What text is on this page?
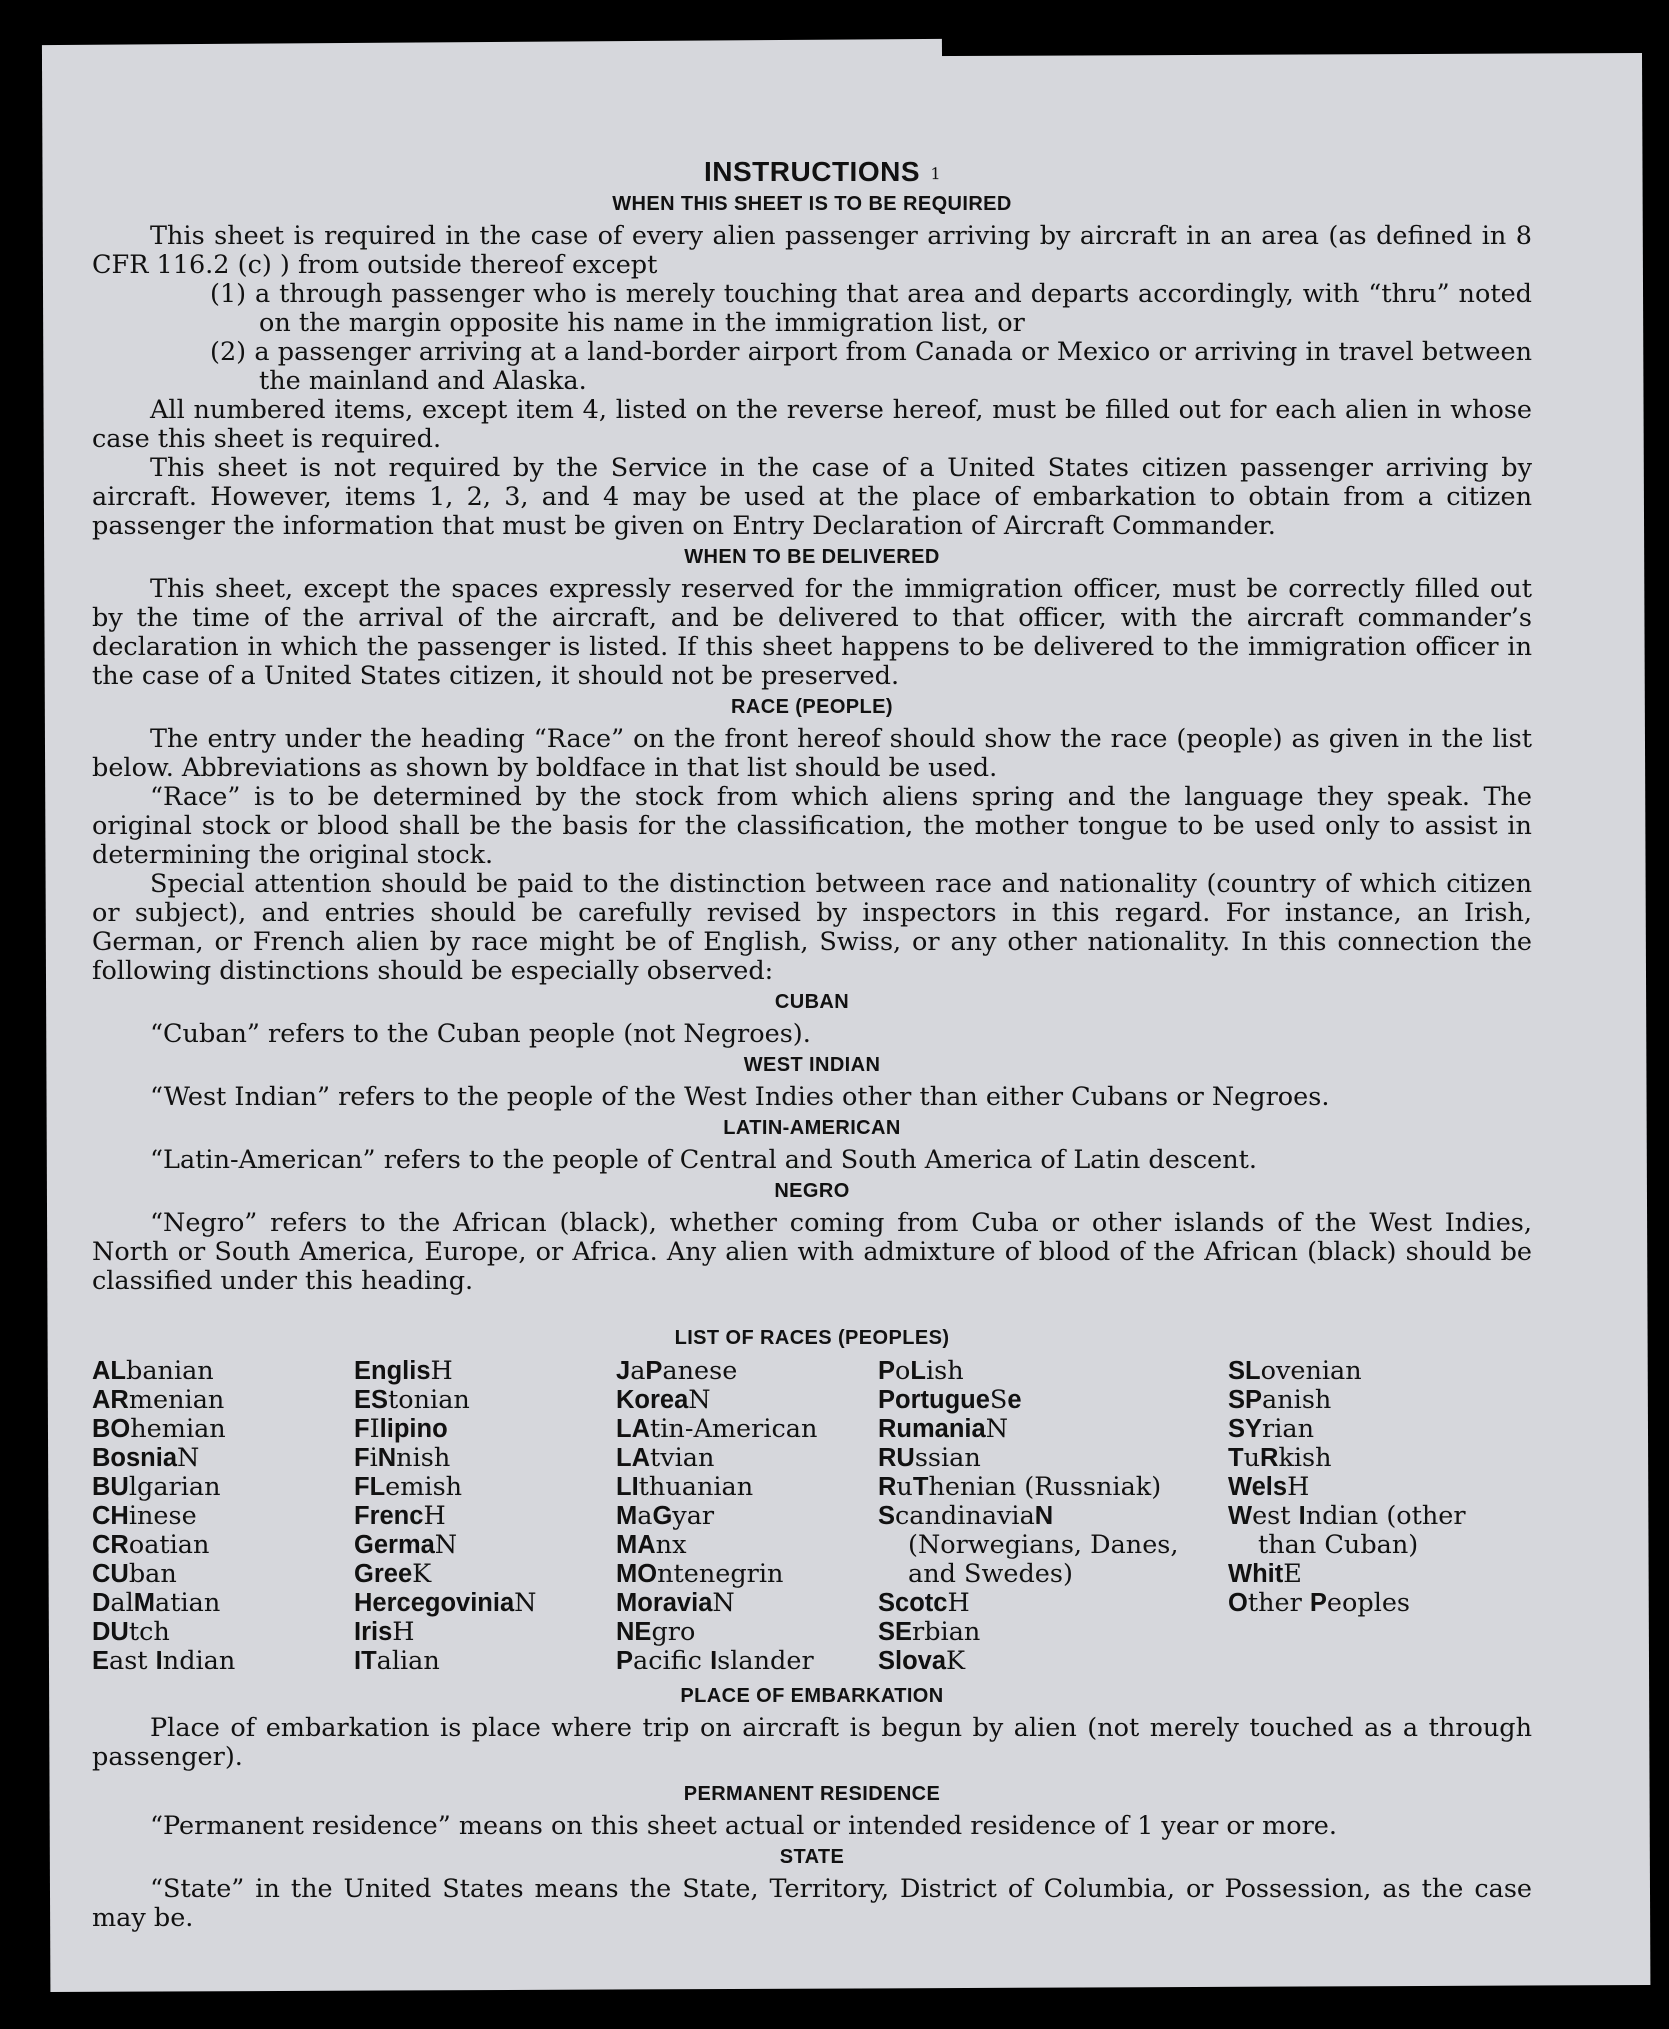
1
INSTRUCTIONS
WHEN THIS SHEET IS TO BE REQUIRED

This sheet is required in the case of every alien passenger arriving by aircraft in an area (as defined in 8 CFR 116.2 (c) ) from outside thereof except

(1) a through passenger who is merely touching that area and departs accordingly, with “thru” noted on the margin opposite his name in the immigration list, or

(2) a passenger arriving at a land-border airport from Canada or Mexico or arriving in travel between the mainland and Alaska.

All numbered items, except item 4, listed on the reverse hereof, must be filled out for each alien in whose case this sheet is required.

This sheet is not required by the Service in the case of a United States citizen passenger arriving by aircraft. However, items 1, 2, 3, and 4 may be used at the place of embarkation to obtain from a citizen passenger the information that must be given on Entry Declaration of Aircraft Commander.

WHEN TO BE DELIVERED

This sheet, except the spaces expressly reserved for the immigration officer, must be correctly filled out by the time of the arrival of the aircraft, and be delivered to that officer, with the aircraft commander’s declaration in which the passenger is listed. If this sheet happens to be delivered to the immigration officer in the case of a United States citizen, it should not be preserved.

RACE (PEOPLE)

The entry under the heading “Race” on the front hereof should show the race (people) as given in the list below. Abbreviations as shown by boldface in that list should be used.

“Race” is to be determined by the stock from which aliens spring and the language they speak. The original stock or blood shall be the basis for the classification, the mother tongue to be used only to assist in determining the original stock.

Special attention should be paid to the distinction between race and nationality (country of which citizen or subject), and entries should be carefully revised by inspectors in this regard. For instance, an Irish, German, or French alien by race might be of English, Swiss, or any other nationality. In this connection the following distinctions should be especially observed:

CUBAN

“Cuban” refers to the Cuban people (not Negroes).

WEST INDIAN

“West Indian” refers to the people of the West Indies other than either Cubans or Negroes.

LATIN-AMERICAN

“Latin-American” refers to the people of Central and South America of Latin descent.

NEGRO

“Negro” refers to the African (black), whether coming from Cuba or other islands of the West Indies, North or South America, Europe, or Africa. Any alien with admixture of blood of the African (black) should be classified under this heading.

LIST OF RACES (PEOPLES)
ALbanian
ARmenian
BOhemian
BosniaN
BUlgarian
CHinese
CRoatian
CUban
DalMatian
DUtch
East Indian
EnglisH
EStonian
FIlipino
FiNnish
FLemish
FrencH
GermaN
GreeK
HercegoviniaN
IrisH
ITalian
JaPanese
KoreaN
LAtin-American
LAtvian
LIthuanian
MaGyar
MAnx
MOntenegrin
MoraviaN
NEgro
Pacific Islander
PoLish
PortugueSe
RumaniaN
RUssian
RuThenian (Russniak)
ScandinaviaN (Norwegians, Danes, and Swedes)
ScotcH
SErbian
SlovaK
SLovenian
SPanish
SYrian
TuRkish
WelsH
West Indian (other than Cuban)
WhitE
Other Peoples
PLACE OF EMBARKATION

Place of embarkation is place where trip on aircraft is begun by alien (not merely touched as a through passenger).

PERMANENT RESIDENCE

“Permanent residence” means on this sheet actual or intended residence of 1 year or more.

STATE

“State” in the United States means the State, Territory, District of Columbia, or Possession, as the case may be.
